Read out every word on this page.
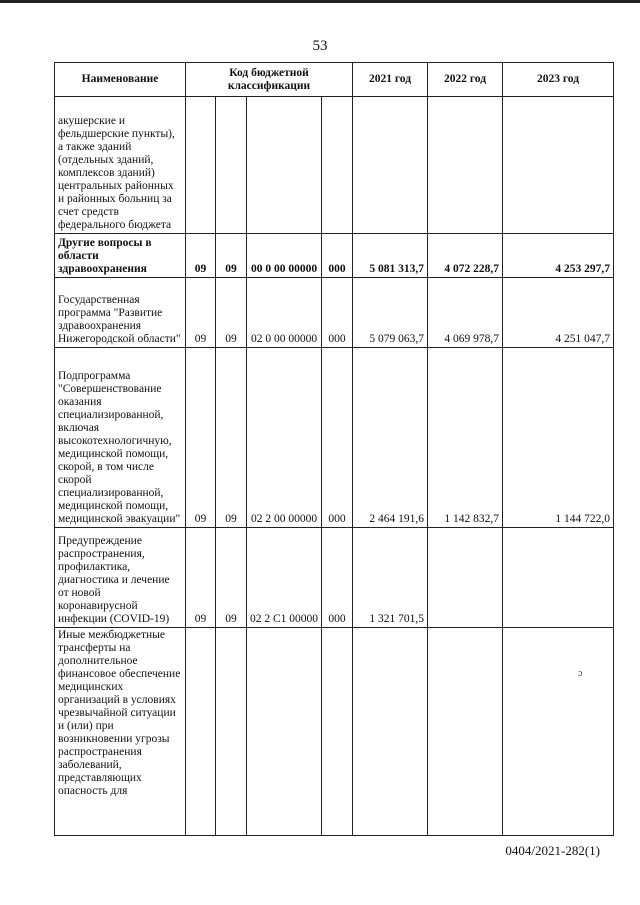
53
Наименование	Код бюджетной классификации				2021 год	2022 год	2023 год
акушерские и фельдшерские пункты), а также зданий (отдельных зданий, комплексов зданий) центральных районных и районных больниц за счет средств федерального бюджета							
Другие вопросы в области здравоохранения	09	09	00 0 00 00000	000	5 081 313,7	4 072 228,7	4 253 297,7
Государственная программа "Развитие здравоохранения Нижегородской области"	09	09	02 0 00 00000	000	5 079 063,7	4 069 978,7	4 251 047,7
Подпрограмма "Совершенствование оказания специализированной, включая высокотехнологичную, медицинской помощи, скорой, в том числе скорой специализированной, медицинской помощи, медицинской эвакуации"	09	09	02 2 00 00000	000	2 464 191,6	1 142 832,7	1 144 722,0
Предупреждение распространения, профилактика, диагностика и лечение от новой коронавирусной инфекции (COVID-19)	09	09	02 2 C1 00000	000	1 321 701,5		
Иные межбюджетные трансферты на дополнительное финансовое обеспечение медицинских организаций в условиях чрезвычайной ситуации и (или) при возникновении угрозы распространения заболеваний, представляющих опасность для							
ɔ
0404/2021-282(1)
